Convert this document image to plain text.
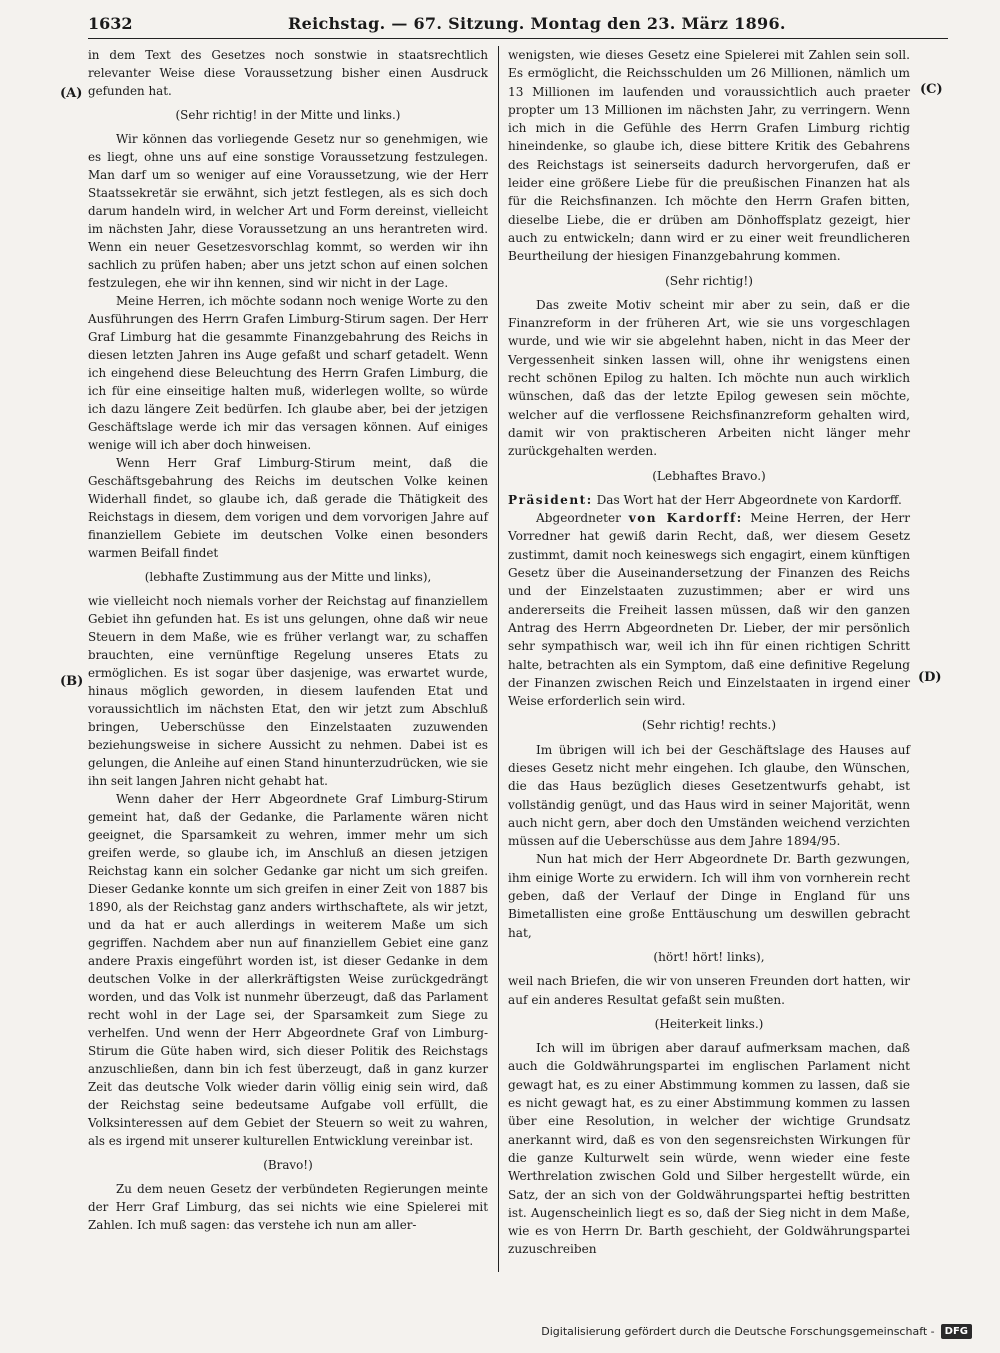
1632	Reichstag. — 67. Sitzung. Montag den 23. März 1896.
(A)
(B)
(C)
(D)

in dem Text des Gesetzes noch sonstwie in staatsrechtlich relevanter Weise diese Voraussetzung bisher einen Ausdruck gefunden hat.

(Sehr richtig! in der Mitte und links.)

Wir können das vorliegende Gesetz nur so genehmigen, wie es liegt, ohne uns auf eine sonstige Voraussetzung festzulegen. Man darf um so weniger auf eine Voraussetzung, wie der Herr Staatssekretär sie erwähnt, sich jetzt festlegen, als es sich doch darum handeln wird, in welcher Art und Form dereinst, vielleicht im nächsten Jahr, diese Voraussetzung an uns herantreten wird. Wenn ein neuer Gesetzesvorschlag kommt, so werden wir ihn sachlich zu prüfen haben; aber uns jetzt schon auf einen solchen festzulegen, ehe wir ihn kennen, sind wir nicht in der Lage.

Meine Herren, ich möchte sodann noch wenige Worte zu den Ausführungen des Herrn Grafen Limburg-Stirum sagen. Der Herr Graf Limburg hat die gesammte Finanzgebahrung des Reichs in diesen letzten Jahren ins Auge gefaßt und scharf getadelt. Wenn ich eingehend diese Beleuchtung des Herrn Grafen Limburg, die ich für eine einseitige halten muß, widerlegen wollte, so würde ich dazu längere Zeit bedürfen. Ich glaube aber, bei der jetzigen Geschäftslage werde ich mir das versagen können. Auf einiges wenige will ich aber doch hinweisen.

Wenn Herr Graf Limburg-Stirum meint, daß die Geschäftsgebahrung des Reichs im deutschen Volke keinen Widerhall findet, so glaube ich, daß gerade die Thätigkeit des Reichstags in diesem, dem vorigen und dem vorvorigen Jahre auf finanziellem Gebiete im deutschen Volke einen besonders warmen Beifall findet

(lebhafte Zustimmung aus der Mitte und links),

wie vielleicht noch niemals vorher der Reichstag auf finanziellem Gebiet ihn gefunden hat. Es ist uns gelungen, ohne daß wir neue Steuern in dem Maße, wie es früher verlangt war, zu schaffen brauchten, eine vernünftige Regelung unseres Etats zu ermöglichen. Es ist sogar über dasjenige, was erwartet wurde, hinaus möglich geworden, in diesem laufenden Etat und voraussichtlich im nächsten Etat, den wir jetzt zum Abschluß bringen, Ueberschüsse den Einzelstaaten zuzuwenden beziehungsweise in sichere Aussicht zu nehmen. Dabei ist es gelungen, die Anleihe auf einen Stand hinunterzudrücken, wie sie ihn seit langen Jahren nicht gehabt hat.

Wenn daher der Herr Abgeordnete Graf Limburg-Stirum gemeint hat, daß der Gedanke, die Parlamente wären nicht geeignet, die Sparsamkeit zu wehren, immer mehr um sich greifen werde, so glaube ich, im Anschluß an diesen jetzigen Reichstag kann ein solcher Gedanke gar nicht um sich greifen. Dieser Gedanke konnte um sich greifen in einer Zeit von 1887 bis 1890, als der Reichstag ganz anders wirthschaftete, als wir jetzt, und da hat er auch allerdings in weiterem Maße um sich gegriffen. Nachdem aber nun auf finanziellem Gebiet eine ganz andere Praxis eingeführt worden ist, ist dieser Gedanke in dem deutschen Volke in der allerkräftigsten Weise zurückgedrängt worden, und das Volk ist nunmehr überzeugt, daß das Parlament recht wohl in der Lage sei, der Sparsamkeit zum Siege zu verhelfen. Und wenn der Herr Abgeordnete Graf von Limburg-Stirum die Güte haben wird, sich dieser Politik des Reichstags anzuschließen, dann bin ich fest überzeugt, daß in ganz kurzer Zeit das deutsche Volk wieder darin völlig einig sein wird, daß der Reichstag seine bedeutsame Aufgabe voll erfüllt, die Volksinteressen auf dem Gebiet der Steuern so weit zu wahren, als es irgend mit unserer kulturellen Entwicklung vereinbar ist.

(Bravo!)

Zu dem neuen Gesetz der verbündeten Regierungen meinte der Herr Graf Limburg, das sei nichts wie eine Spielerei mit Zahlen. Ich muß sagen: das verstehe ich nun am aller-

wenigsten, wie dieses Gesetz eine Spielerei mit Zahlen sein soll. Es ermöglicht, die Reichsschulden um 26 Millionen, nämlich um 13 Millionen im laufenden und voraussichtlich auch praeter propter um 13 Millionen im nächsten Jahr, zu verringern. Wenn ich mich in die Gefühle des Herrn Grafen Limburg richtig hineindenke, so glaube ich, diese bittere Kritik des Gebahrens des Reichstags ist seinerseits dadurch hervorgerufen, daß er leider eine größere Liebe für die preußischen Finanzen hat als für die Reichsfinanzen. Ich möchte den Herrn Grafen bitten, dieselbe Liebe, die er drüben am Dönhoffsplatz gezeigt, hier auch zu entwickeln; dann wird er zu einer weit freundlicheren Beurtheilung der hiesigen Finanzgebahrung kommen.

(Sehr richtig!)

Das zweite Motiv scheint mir aber zu sein, daß er die Finanzreform in der früheren Art, wie sie uns vorgeschlagen wurde, und wie wir sie abgelehnt haben, nicht in das Meer der Vergessenheit sinken lassen will, ohne ihr wenigstens einen recht schönen Epilog zu halten. Ich möchte nun auch wirklich wünschen, daß das der letzte Epilog gewesen sein möchte, welcher auf die verflossene Reichsfinanzreform gehalten wird, damit wir von praktischeren Arbeiten nicht länger mehr zurückgehalten werden.

(Lebhaftes Bravo.)

Präsident: Das Wort hat der Herr Abgeordnete von Kardorff.

Abgeordneter von Kardorff: Meine Herren, der Herr Vorredner hat gewiß darin Recht, daß, wer diesem Gesetz zustimmt, damit noch keineswegs sich engagirt, einem künftigen Gesetz über die Auseinandersetzung der Finanzen des Reichs und der Einzelstaaten zuzustimmen; aber er wird uns andererseits die Freiheit lassen müssen, daß wir den ganzen Antrag des Herrn Abgeordneten Dr. Lieber, der mir persönlich sehr sympathisch war, weil ich ihn für einen richtigen Schritt halte, betrachten als ein Symptom, daß eine definitive Regelung der Finanzen zwischen Reich und Einzelstaaten in irgend einer Weise erforderlich sein wird.

(Sehr richtig! rechts.)

Im übrigen will ich bei der Geschäftslage des Hauses auf dieses Gesetz nicht mehr eingehen. Ich glaube, den Wünschen, die das Haus bezüglich dieses Gesetzentwurfs gehabt, ist vollständig genügt, und das Haus wird in seiner Majorität, wenn auch nicht gern, aber doch den Umständen weichend verzichten müssen auf die Ueberschüsse aus dem Jahre 1894/95.

Nun hat mich der Herr Abgeordnete Dr. Barth gezwungen, ihm einige Worte zu erwidern. Ich will ihm von vornherein recht geben, daß der Verlauf der Dinge in England für uns Bimetallisten eine große Enttäuschung um deswillen gebracht hat,

(hört! hört! links),

weil nach Briefen, die wir von unseren Freunden dort hatten, wir auf ein anderes Resultat gefaßt sein mußten.

(Heiterkeit links.)

Ich will im übrigen aber darauf aufmerksam machen, daß auch die Goldwährungspartei im englischen Parlament nicht gewagt hat, es zu einer Abstimmung kommen zu lassen, daß sie es nicht gewagt hat, es zu einer Abstimmung kommen zu lassen über eine Resolution, in welcher der wichtige Grundsatz anerkannt wird, daß es von den segensreichsten Wirkungen für die ganze Kulturwelt sein würde, wenn wieder eine feste Werthrelation zwischen Gold und Silber hergestellt würde, ein Satz, der an sich von der Goldwährungspartei heftig bestritten ist. Augenscheinlich liegt es so, daß der Sieg nicht in dem Maße, wie es von Herrn Dr. Barth geschieht, der Goldwährungspartei zuzuschreiben

Digitalisierung gefördert durch die Deutsche Forschungsgemeinschaft -	DFG
